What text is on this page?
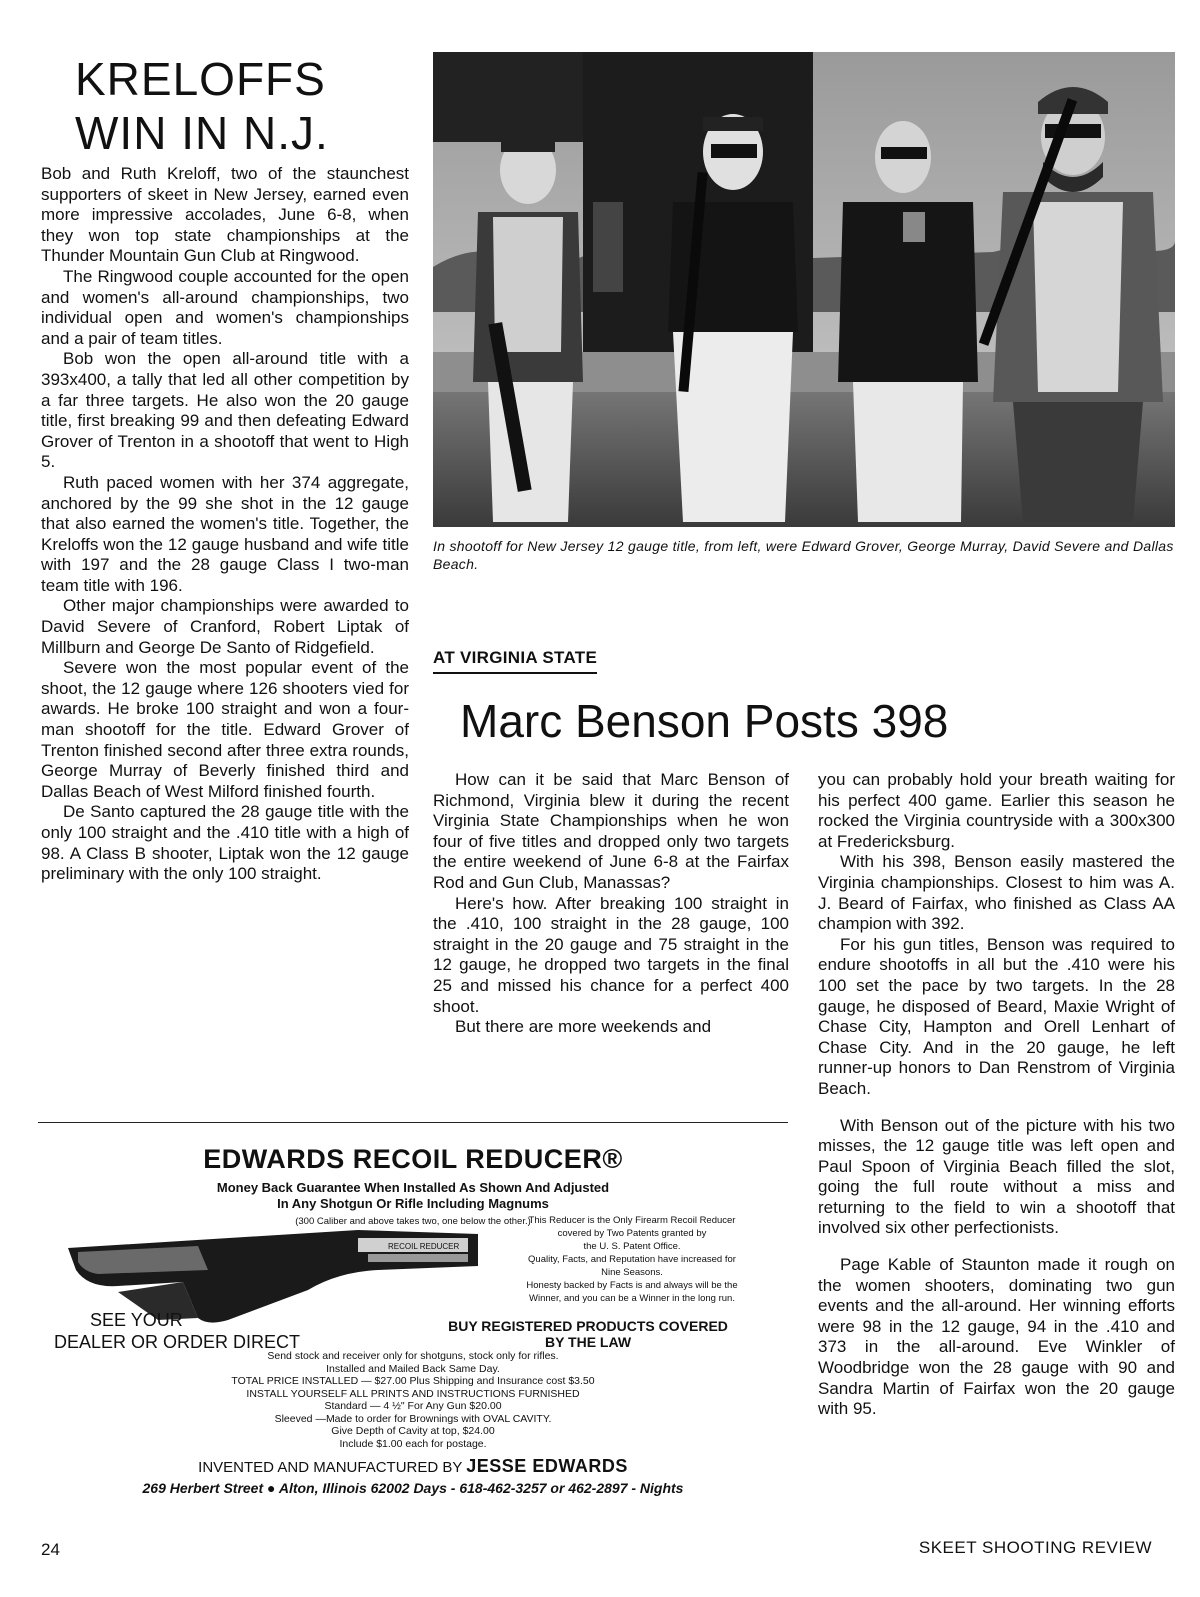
KRELOFFS
WIN IN N.J.

Bob and Ruth Kreloff, two of the staunchest supporters of skeet in New Jersey, earned even more impressive accolades, June 6-8, when they won top state championships at the Thunder Mountain Gun Club at Ringwood.

The Ringwood couple accounted for the open and women's all-around championships, two individual open and women's championships and a pair of team titles.

Bob won the open all-around title with a 393x400, a tally that led all other competition by a far three targets. He also won the 20 gauge title, first breaking 99 and then defeating Edward Grover of Trenton in a shootoff that went to High 5.

Ruth paced women with her 374 aggregate, anchored by the 99 she shot in the 12 gauge that also earned the women's title. Together, the Kreloffs won the 12 gauge husband and wife title with 197 and the 28 gauge Class I two-man team title with 196.

Other major championships were awarded to David Severe of Cranford, Robert Liptak of Millburn and George De Santo of Ridgefield.

Severe won the most popular event of the shoot, the 12 gauge where 126 shooters vied for awards. He broke 100 straight and won a four-man shootoff for the title. Edward Grover of Trenton finished second after three extra rounds, George Murray of Beverly finished third and Dallas Beach of West Milford finished fourth.

De Santo captured the 28 gauge title with the only 100 straight and the .410 title with a high of 98. A Class B shooter, Liptak won the 12 gauge preliminary with the only 100 straight.

In shootoff for New Jersey 12 gauge title, from left, were Edward Grover, George Murray, David Severe and Dallas Beach.
AT VIRGINIA STATE
Marc Benson Posts 398

How can it be said that Marc Benson of Richmond, Virginia blew it during the recent Virginia State Championships when he won four of five titles and dropped only two targets the entire weekend of June 6-8 at the Fairfax Rod and Gun Club, Manassas?

Here's how. After breaking 100 straight in the .410, 100 straight in the 28 gauge, 100 straight in the 20 gauge and 75 straight in the 12 gauge, he dropped two targets in the final 25 and missed his chance for a perfect 400 shoot.

But there are more weekends and

you can probably hold your breath waiting for his perfect 400 game. Earlier this season he rocked the Virginia countryside with a 300x300 at Fredericksburg.

With his 398, Benson easily mastered the Virginia championships. Closest to him was A. J. Beard of Fairfax, who finished as Class AA champion with 392.

For his gun titles, Benson was required to endure shootoffs in all but the .410 were his 100 set the pace by two targets. In the 28 gauge, he disposed of Beard, Maxie Wright of Chase City, Hampton and Orell Lenhart of Chase City. And in the 20 gauge, he left runner-up honors to Dan Renstrom of Virginia Beach.

With Benson out of the picture with his two misses, the 12 gauge title was left open and Paul Spoon of Virginia Beach filled the slot, going the full route without a miss and returning to the field to win a shootoff that involved six other perfectionists.

Page Kable of Staunton made it rough on the women shooters, dominating two gun events and the all-around. Her winning efforts were 98 in the 12 gauge, 94 in the .410 and 373 in the all-around. Eve Winkler of Woodbridge won the 28 gauge with 90 and Sandra Martin of Fairfax won the 20 gauge with 95.

EDWARDS RECOIL REDUCER®
Money Back Guarantee When Installed As Shown And Adjusted
In Any Shotgun Or Rifle Including Magnums
(300 Caliber and above takes two, one below the other.)
RECOIL REDUCER
This Reducer is the Only Firearm Recoil Reducer
covered by Two Patents granted by
the U. S. Patent Office.
Quality, Facts, and Reputation have increased for
Nine Seasons.
Honesty backed by Facts is and always will be the
Winner, and you can be a Winner in the long run.
SEE YOUR
DEALER OR ORDER DIRECT
BUY REGISTERED PRODUCTS COVERED
BY THE LAW
Send stock and receiver only for shotguns, stock only for rifles.
Installed and Mailed Back Same Day.
TOTAL PRICE INSTALLED — $27.00 Plus Shipping and Insurance cost $3.50
INSTALL YOURSELF ALL PRINTS AND INSTRUCTIONS FURNISHED
Standard — 4 ½" For Any Gun $20.00
Sleeved —Made to order for Brownings with OVAL CAVITY.
Give Depth of Cavity at top, $24.00
Include $1.00 each for postage.
INVENTED AND MANUFACTURED BY JESSE EDWARDS
269 Herbert Street ● Alton, Illinois 62002 Days - 618-462-3257 or 462-2897 - Nights
24	SKEET SHOOTING REVIEW
